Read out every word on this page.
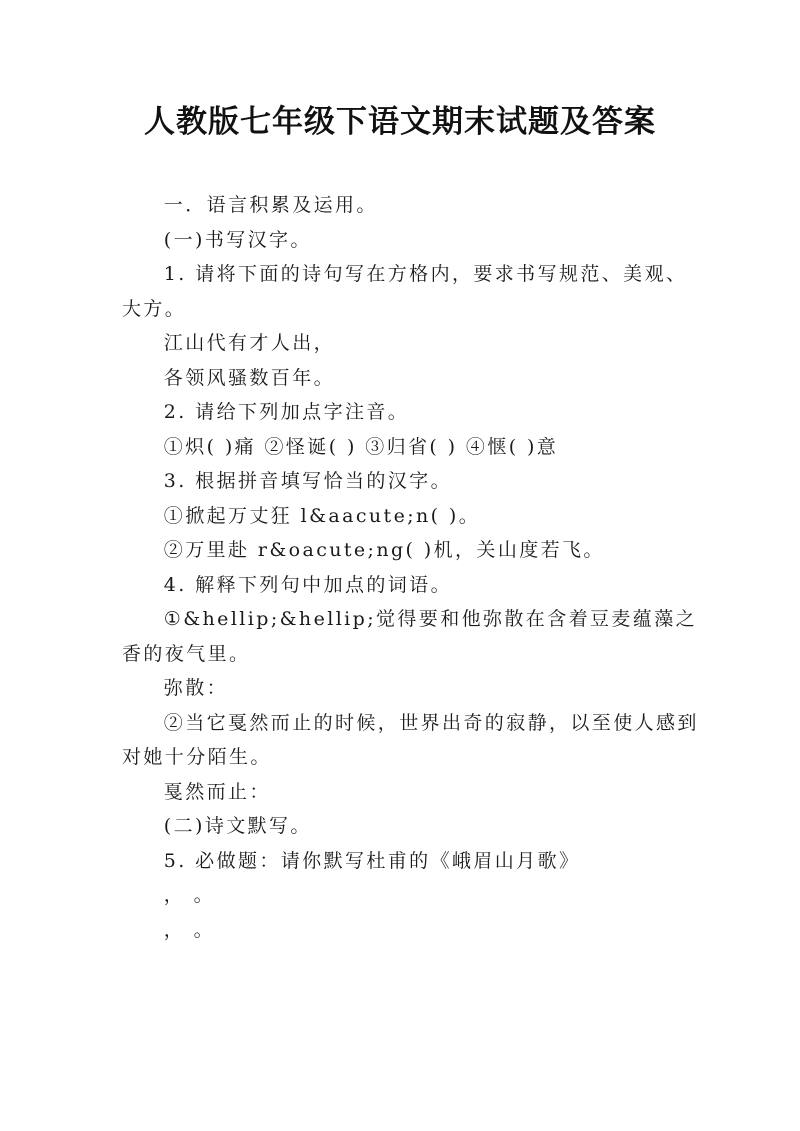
人教版七年级下语文期末试题及答案

一．语言积累及运用。

(一)书写汉字。

1. 请将下面的诗句写在方格内，要求书写规范、美观、大方。

江山代有才人出，

各领风骚数百年。

2. 请给下列加点字注音。

①炽( )痛 ②怪诞( ) ③归省( ) ④惬( )意

3. 根据拼音填写恰当的汉字。

①掀起万丈狂 l&aacute;n( )。

②万里赴 r&oacute;ng( )机，关山度若飞。

4. 解释下列句中加点的词语。

①&hellip;&hellip;觉得要和他弥散在含着豆麦蕴藻之香的夜气里。

弥散：

②当它戛然而止的时候，世界出奇的寂静，以至使人感到对她十分陌生。

戛然而止：

(二)诗文默写。

5. 必做题：请你默写杜甫的《峨眉山月歌》

， 。

， 。
